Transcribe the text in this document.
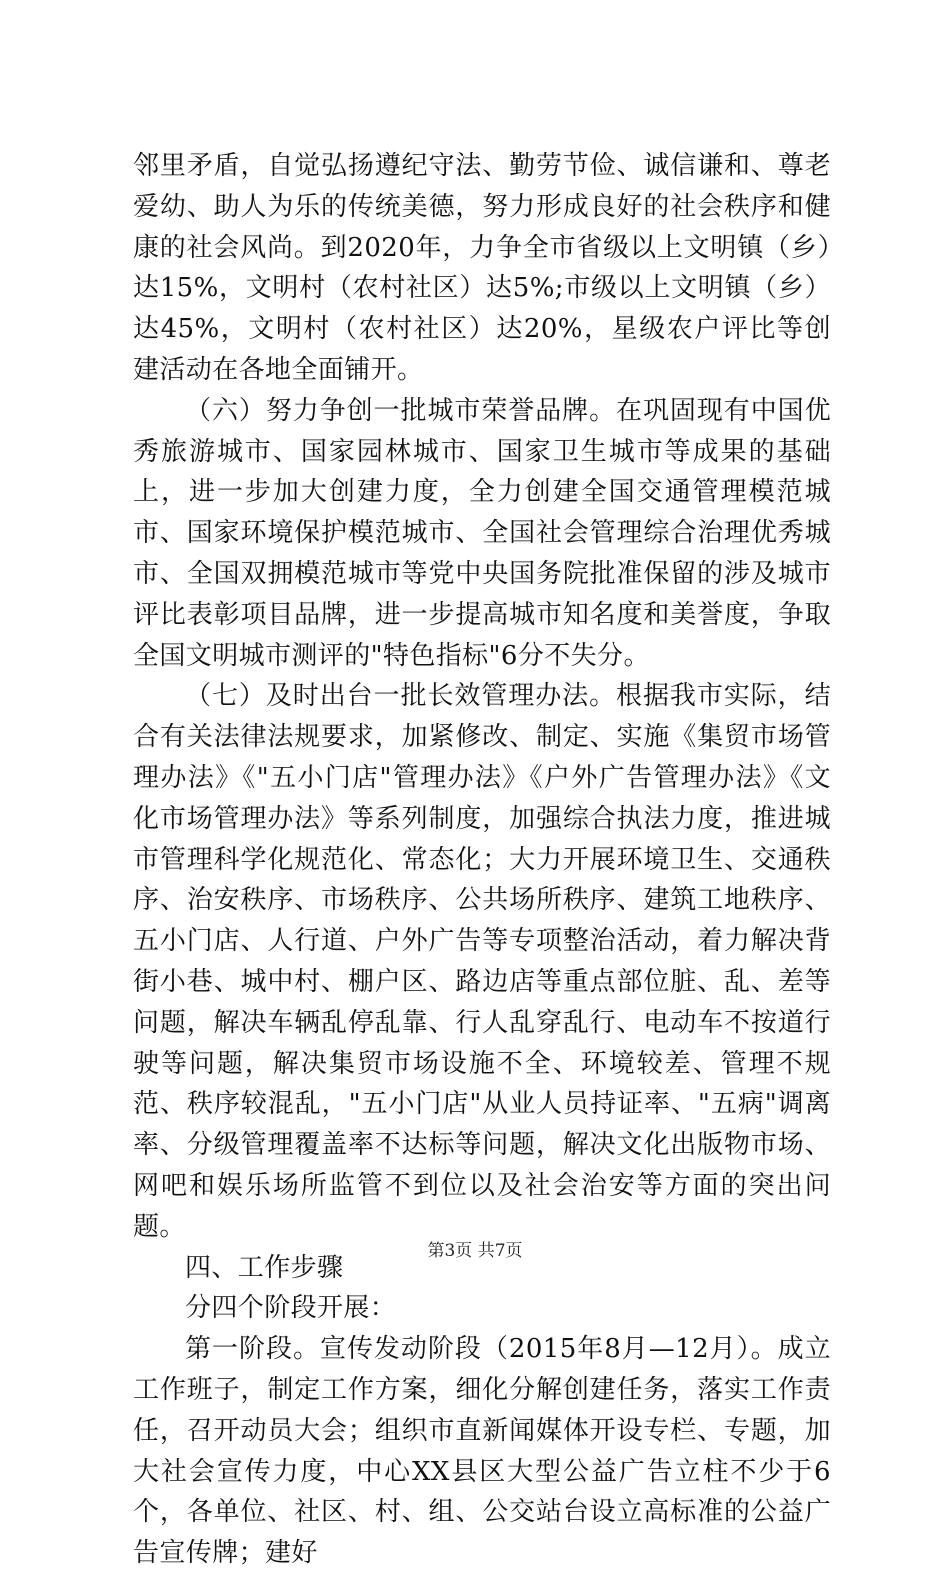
邻里矛盾，自觉弘扬遵纪守法、勤劳节俭、诚信谦和、尊老爱幼、助人为乐的传统美德，努力形成良好的社会秩序和健康的社会风尚。到2020年，力争全市省级以上文明镇（乡）达15%，文明村（农村社区）达5%;市级以上文明镇（乡）达45%，文明村（农村社区）达20%，星级农户评比等创建活动在各地全面铺开。

（六）努力争创一批城市荣誉品牌。在巩固现有中国优秀旅游城市、国家园林城市、国家卫生城市等成果的基础上，进一步加大创建力度，全力创建全国交通管理模范城市、国家环境保护模范城市、全国社会管理综合治理优秀城市、全国双拥模范城市等党中央国务院批准保留的涉及城市评比表彰项目品牌，进一步提高城市知名度和美誉度，争取全国文明城市测评的"特色指标"6分不失分。

（七）及时出台一批长效管理办法。根据我市实际，结合有关法律法规要求，加紧修改、制定、实施《集贸市场管理办法》《"五小门店"管理办法》《户外广告管理办法》《文化市场管理办法》等系列制度，加强综合执法力度，推进城市管理科学化规范化、常态化；大力开展环境卫生、交通秩序、治安秩序、市场秩序、公共场所秩序、建筑工地秩序、五小门店、人行道、户外广告等专项整治活动，着力解决背街小巷、城中村、棚户区、路边店等重点部位脏、乱、差等问题，解决车辆乱停乱靠、行人乱穿乱行、电动车不按道行驶等问题，解决集贸市场设施不全、环境较差、管理不规范、秩序较混乱，"五小门店"从业人员持证率、"五病"调离率、分级管理覆盖率不达标等问题，解决文化出版物市场、网吧和娱乐场所监管不到位以及社会治安等方面的突出问题。

四、工作步骤

分四个阶段开展：

第一阶段。宣传发动阶段（2015年8月—12月）。成立工作班子，制定工作方案，细化分解创建任务，落实工作责任，召开动员大会；组织市直新闻媒体开设专栏、专题，加大社会宣传力度，中心XX县区大型公益广告立柱不少于6个，各单位、社区、村、组、公交站台设立高标准的公益广告宣传牌；建好

第3页 共7页
